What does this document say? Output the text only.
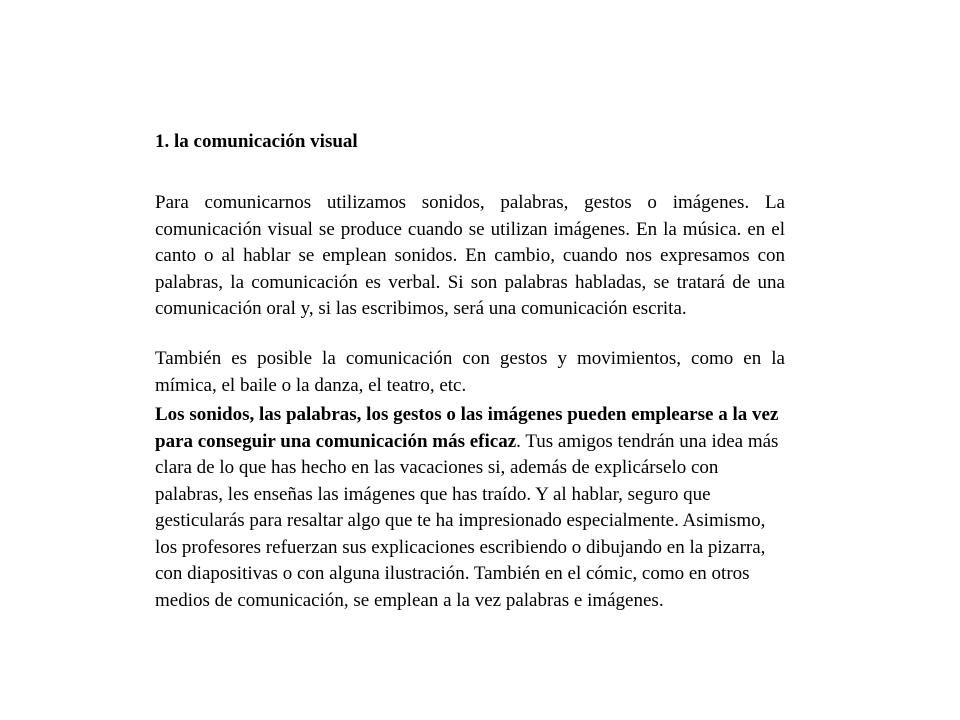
1. la comunicación visual

Para comunicarnos utilizamos sonidos, palabras, gestos o imágenes. La comunicación visual se produce cuando se utilizan imágenes. En la música. en el canto o al hablar se emplean sonidos. En cambio, cuando nos expresamos con palabras, la comunicación es verbal. Si son palabras habladas, se tratará de una comunicación oral y, si las escribimos, será una comunicación escrita.

También es posible la comunicación con gestos y movimientos, como en la mímica, el baile o la danza, el teatro, etc.

Los sonidos, las palabras, los gestos o las imágenes pueden emplearse a la vez para conseguir una comunicación más eficaz. Tus amigos tendrán una idea más clara de lo que has hecho en las vacaciones si, además de explicárselo con palabras, les enseñas las imágenes que has traído. Y al hablar, seguro que gesticularás para resaltar algo que te ha impresionado especialmente. Asimismo, los profesores refuerzan sus explicaciones escribiendo o dibujando en la pizarra, con diapositivas o con alguna ilustración. También en el cómic, como en otros medios de comunicación, se emplean a la vez palabras e imágenes.
